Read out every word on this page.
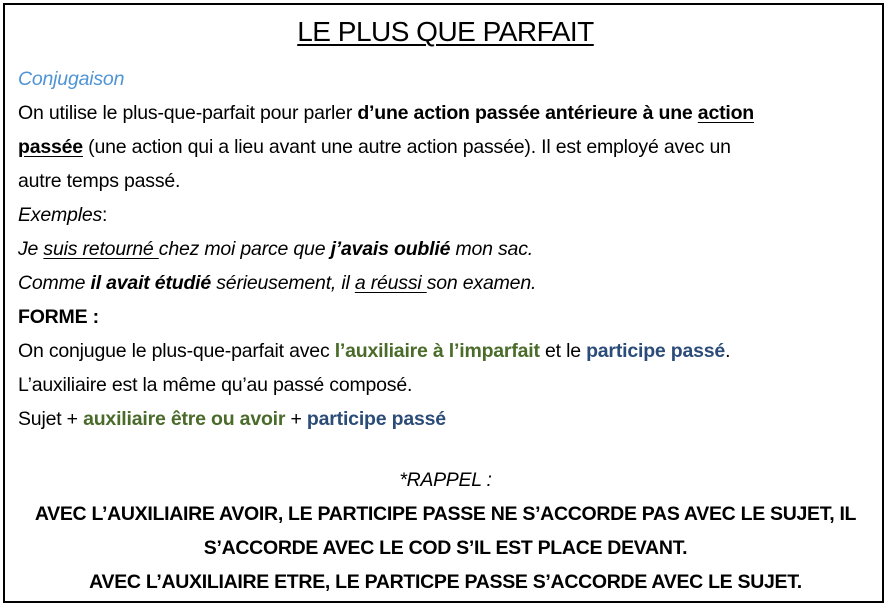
LE PLUS QUE PARFAIT
Conjugaison
On utilise le plus-que-parfait pour parler d’une action passée antérieure à une action
passée (une action qui a lieu avant une autre action passée). Il est employé avec un
autre temps passé.
Exemples:
Je suis retourné chez moi parce que j’avais oublié mon sac.
Comme il avait étudié sérieusement, il a réussi son examen.
FORME :
On conjugue le plus-que-parfait avec l’auxiliaire à l’imparfait et le participe passé.
L’auxiliaire est la même qu’au passé composé.
Sujet + auxiliaire être ou avoir + participe passé
*RAPPEL :
AVEC L’AUXILIAIRE AVOIR, LE PARTICIPE PASSE NE S’ACCORDE PAS AVEC LE SUJET, IL
S’ACCORDE AVEC LE COD S’IL EST PLACE DEVANT.
AVEC L’AUXILIAIRE ETRE, LE PARTICPE PASSE S’ACCORDE AVEC LE SUJET.
